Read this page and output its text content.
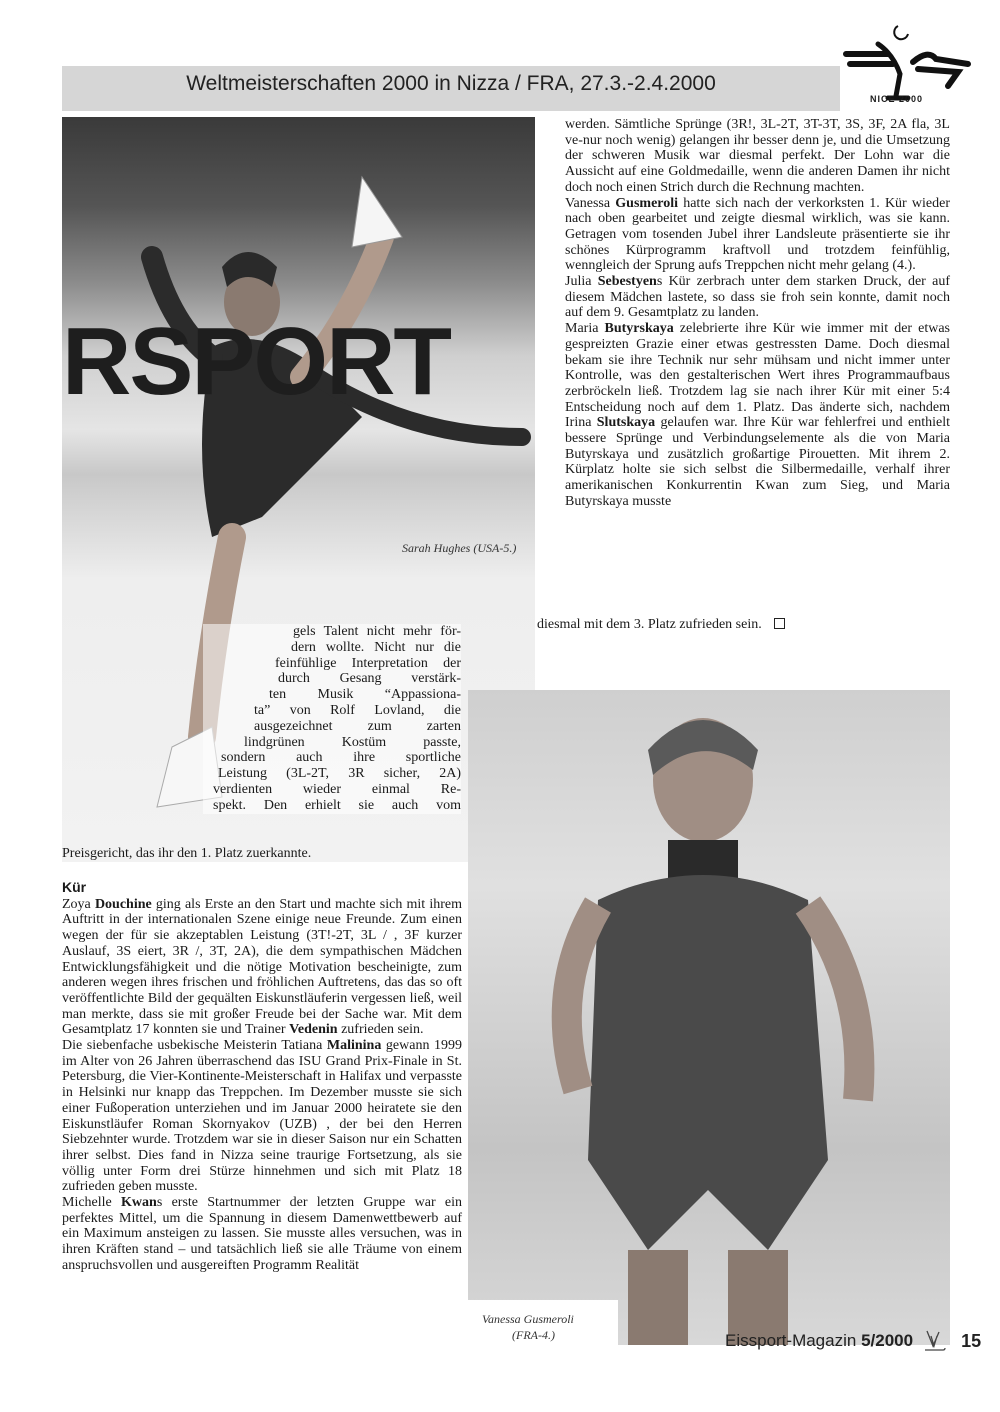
Weltmeisterschaften 2000 in Nizza / FRA, 27.3.-2.4.2000
NICE 2000
RSPORT
Sarah Hughes (USA-5.)

werden. Sämtliche Sprünge (3R!, 3L-2T, 3T-3T, 3S, 3F, 2A fla, 3L ve-nur noch wenig) gelangen ihr besser denn je, und die Umsetzung der schweren Musik war diesmal perfekt. Der Lohn war die Aussicht auf eine Goldmedaille, wenn die anderen Damen ihr nicht doch noch einen Strich durch die Rechnung machten.

Vanessa Gusmeroli hatte sich nach der verkorksten 1. Kür wieder nach oben gearbeitet und zeigte diesmal wirklich, was sie kann. Getragen vom tosenden Jubel ihrer Landsleute präsentierte sie ihr schönes Kürprogramm kraftvoll und trotzdem feinfühlig, wenngleich der Sprung aufs Treppchen nicht mehr gelang (4.).

Julia Sebestyens Kür zerbrach unter dem starken Druck, der auf diesem Mädchen lastete, so dass sie froh sein konnte, damit noch auf dem 9. Gesamtplatz zu landen.

Maria Butyrskaya zelebrierte ihre Kür wie immer mit der etwas gespreizten Grazie einer etwas gestressten Dame. Doch diesmal bekam sie ihre Technik nur sehr mühsam und nicht immer unter Kontrolle, was den gestalterischen Wert ihres Programmaufbaus zerbröckeln ließ. Trotzdem lag sie nach ihrer Kür mit einer 5:4 Entscheidung noch auf dem 1. Platz. Das änderte sich, nachdem Irina Slutskaya gelaufen war. Ihre Kür war fehlerfrei und enthielt bessere Sprünge und Verbindungselemente als die von Maria Butyrskaya und zusätzlich großartige Pirouetten. Mit ihrem 2. Kürplatz holte sie sich selbst die Silbermedaille, verhalf ihrer amerikanischen Konkurrentin Kwan zum Sieg, und Maria Butyrskaya musste

diesmal mit dem 3. Platz zufrieden sein.
Vanessa Gusmeroli
(FRA-4.)
gels Talent nicht mehr för-
dern wollte. Nicht nur die
feinfühlige Interpretation der
durch Gesang verstärk-
ten Musik “Appassiona-
ta” von Rolf Lovland, die
ausgezeichnet zum zarten
lindgrünen Kostüm passte,
sondern auch ihre sportliche
Leistung (3L-2T, 3R sicher, 2A)
verdienten wieder einmal Re-
spekt. Den erhielt sie auch vom
Preisgericht, das ihr den 1. Platz zuerkannte.
Kür

Zoya Douchine ging als Erste an den Start und machte sich mit ihrem Auftritt in der internationalen Szene einige neue Freunde. Zum einen wegen der für sie akzeptablen Leistung (3T!-2T, 3L / , 3F kurzer Auslauf, 3S eiert, 3R /, 3T, 2A), die dem sympathischen Mädchen Entwicklungsfähigkeit und die nötige Motivation bescheinigte, zum anderen wegen ihres frischen und fröhlichen Auftretens, das das so oft veröffentlichte Bild der gequälten Eiskunstläuferin vergessen ließ, weil man merkte, dass sie mit großer Freude bei der Sache war. Mit dem Gesamtplatz 17 konnten sie und Trainer Vedenin zufrieden sein.

Die siebenfache usbekische Meisterin Tatiana Malinina gewann 1999 im Alter von 26 Jahren überraschend das ISU Grand Prix-Finale in St. Petersburg, die Vier-Kontinente-Meisterschaft in Halifax und verpasste in Helsinki nur knapp das Treppchen. Im Dezember musste sie sich einer Fußoperation unterziehen und im Januar 2000 heiratete sie den Eiskunstläufer Roman Skornyakov (UZB) , der bei den Herren Siebzehnter wurde. Trotzdem war sie in dieser Saison nur ein Schatten ihrer selbst. Dies fand in Nizza seine traurige Fortsetzung, als sie völlig unter Form drei Stürze hinnehmen und sich mit Platz 18 zufrieden geben musste.

Michelle Kwans erste Startnummer der letzten Gruppe war ein perfektes Mittel, um die Spannung in diesem Damenwettbewerb auf ein Maximum ansteigen zu lassen. Sie musste alles versuchen, was in ihren Kräften stand – und tatsächlich ließ sie alle Träume von einem anspruchsvollen und ausgereiften Programm Realität

Eissport-Magazin 5/2000	15
